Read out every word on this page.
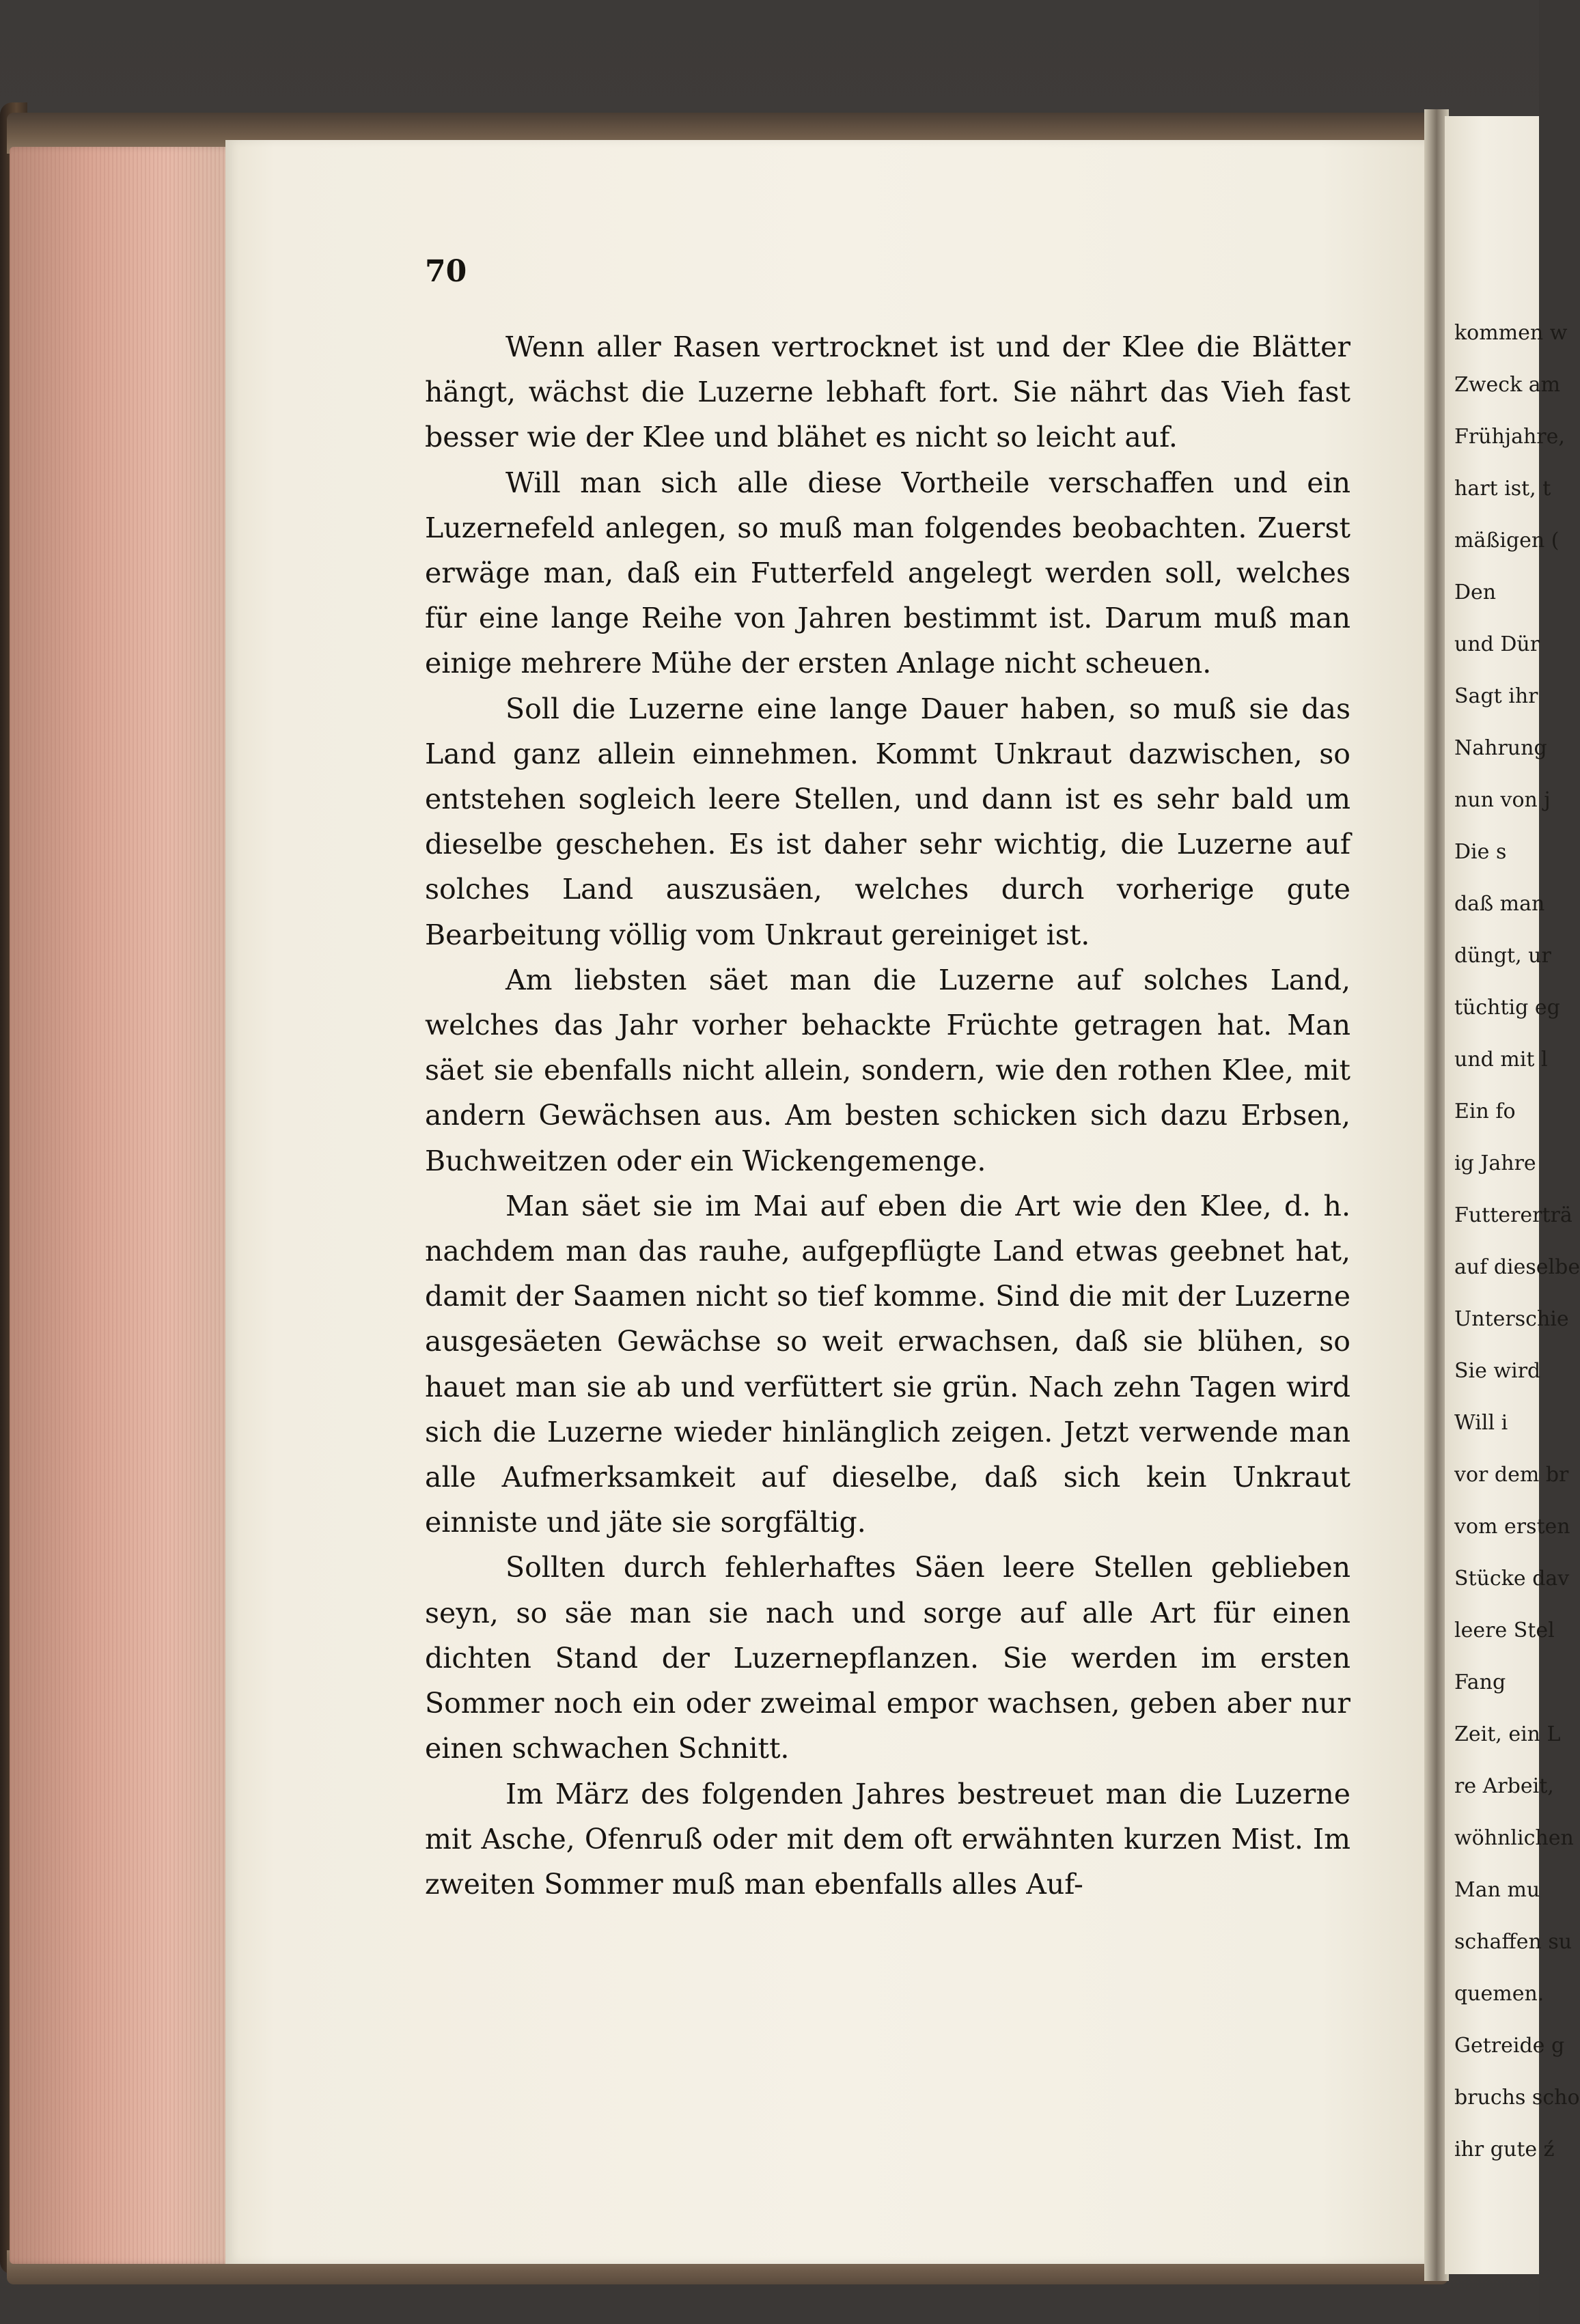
70

Wenn aller Rasen vertrocknet ist und der Klee die Blätter hängt, wächst die Luzerne lebhaft fort. Sie nährt das Vieh fast besser wie der Klee und blähet es nicht so leicht auf.

Will man sich alle diese Vortheile verschaffen und ein Luzernefeld anlegen, so muß man folgendes beobachten. Zuerst erwäge man, daß ein Futterfeld angelegt werden soll, welches für eine lange Reihe von Jahren bestimmt ist. Darum muß man einige mehrere Mühe der ersten Anlage nicht scheuen.

Soll die Luzerne eine lange Dauer haben, so muß sie das Land ganz allein einnehmen. Kommt Unkraut dazwischen, so entstehen sogleich leere Stellen, und dann ist es sehr bald um dieselbe geschehen. Es ist daher sehr wichtig, die Luzerne auf solches Land auszusäen, welches durch vorherige gute Bearbeitung völlig vom Unkraut gereiniget ist.

Am liebsten säet man die Luzerne auf solches Land, welches das Jahr vorher behackte Früchte getragen hat. Man säet sie ebenfalls nicht allein, sondern, wie den rothen Klee, mit andern Gewächsen aus. Am besten schicken sich dazu Erbsen, Buchweitzen oder ein Wickengemenge.

Man säet sie im Mai auf eben die Art wie den Klee, d. h. nachdem man das rauhe, aufgepflügte Land etwas geebnet hat, damit der Saamen nicht so tief komme. Sind die mit der Luzerne ausgesäeten Gewächse so weit erwachsen, daß sie blühen, so hauet man sie ab und verfüttert sie grün. Nach zehn Tagen wird sich die Luzerne wieder hinlänglich zeigen. Jetzt verwende man alle Aufmerksamkeit auf dieselbe, daß sich kein Unkraut einniste und jäte sie sorgfältig.

Sollten durch fehlerhaftes Säen leere Stellen geblieben seyn, so säe man sie nach und sorge auf alle Art für einen dichten Stand der Luzernepflanzen. Sie werden im ersten Sommer noch ein oder zweimal empor wachsen, geben aber nur einen schwachen Schnitt.

Im März des folgenden Jahres bestreuet man die Luzerne mit Asche, Ofenruß oder mit dem oft erwähnten kurzen Mist. Im zweiten Sommer muß man ebenfalls alles Auf-

kommen w
Zweck am
Frühjahre,
hart ist, t
mäßigen (
Den
und Dür
Sagt ihr
Nahrung
nun von j
Die s
daß man
düngt, ur
tüchtig eg
und mit l
Ein fo
ig Jahre
Futtererträ
auf dieselbe
Unterschie
Sie wird
Will i
vor dem br
vom ersten
Stücke dav
leere Stel
Fang
Zeit, ein L
re Arbeit,
wöhnlichen
Man mu
schaffen su
quemen.
Getreide g
bruchs scho
ihr gute ź
